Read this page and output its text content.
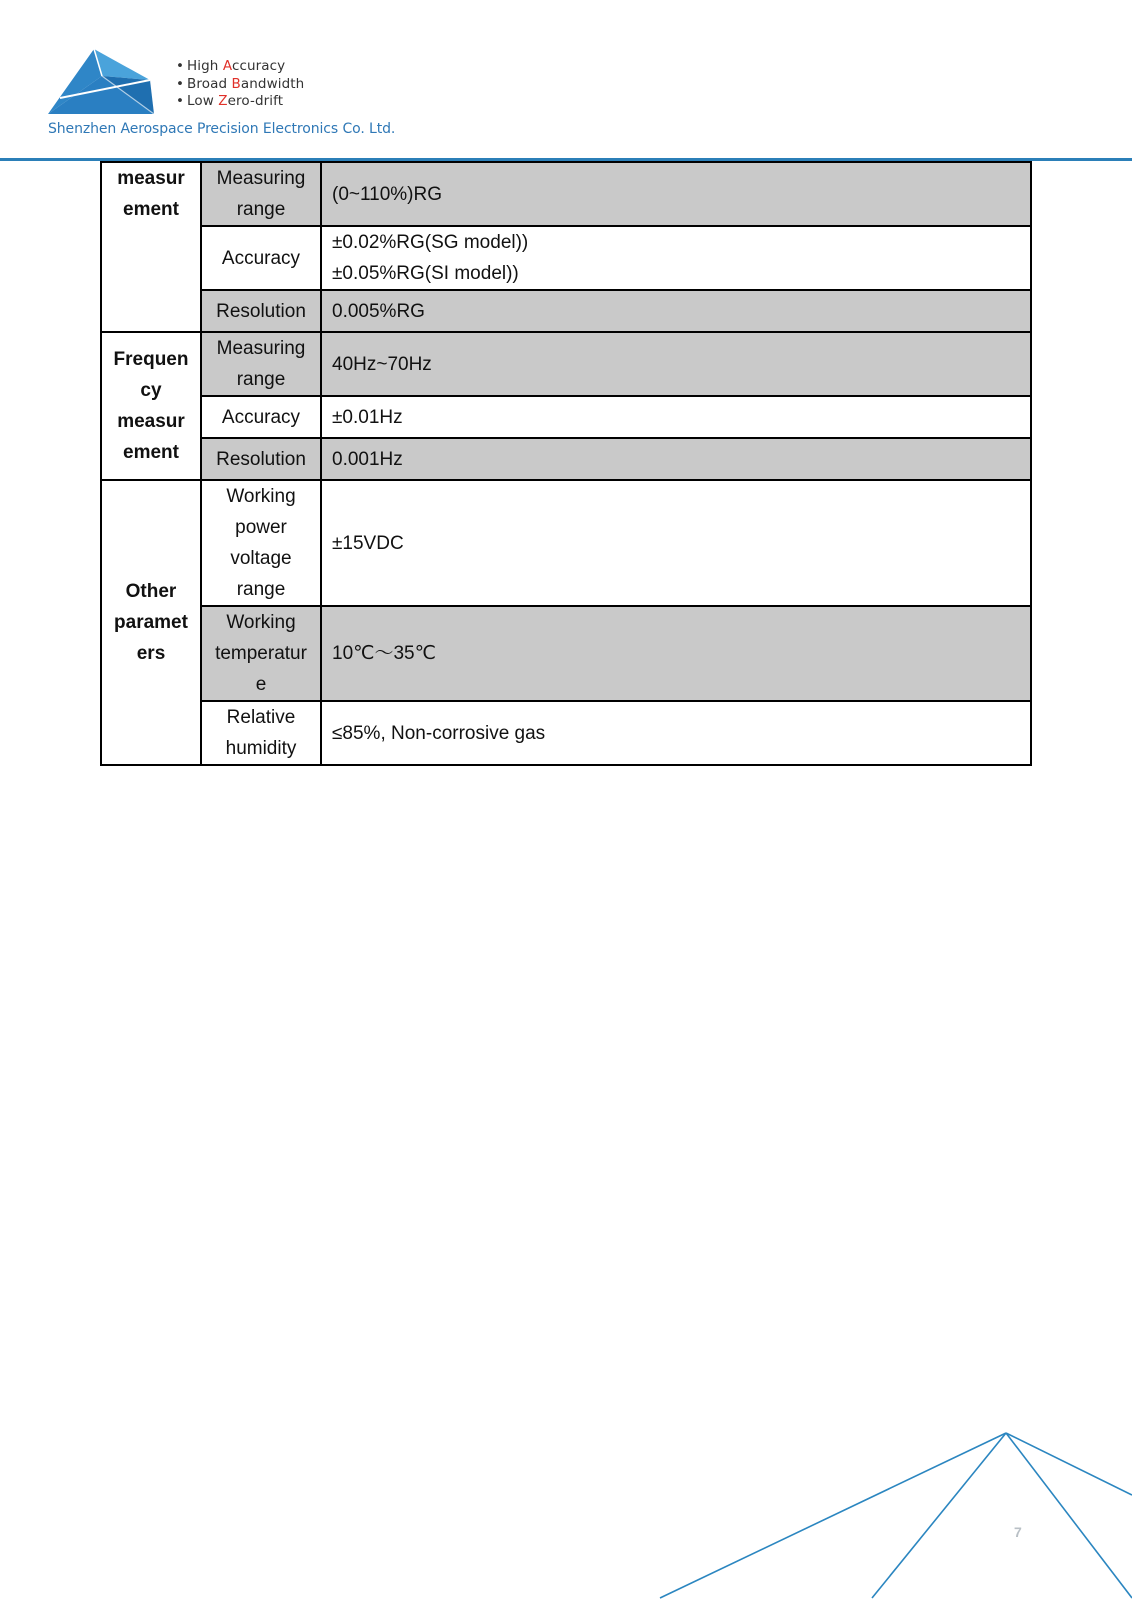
• High Accuracy
• Broad Bandwidth
• Low Zero-drift
Shenzhen Aerospace Precision Electronics Co. Ltd.
measur
ement	Measuring
range	(0~110%)RG

	Accuracy	±0.02%RG(SG model))
±0.05%RG(SI model))

	Resolution	0.005%RG

Frequen
cy
measur
ement	Measuring
range	40Hz~70Hz

	Accuracy	±0.01Hz

	Resolution	0.001Hz

Other
paramet
ers	Working
power
voltage
range	±15VDC

	Working
temperatur
e	10℃～35℃

	Relative
humidity	≤85%, Non-corrosive gas
7
